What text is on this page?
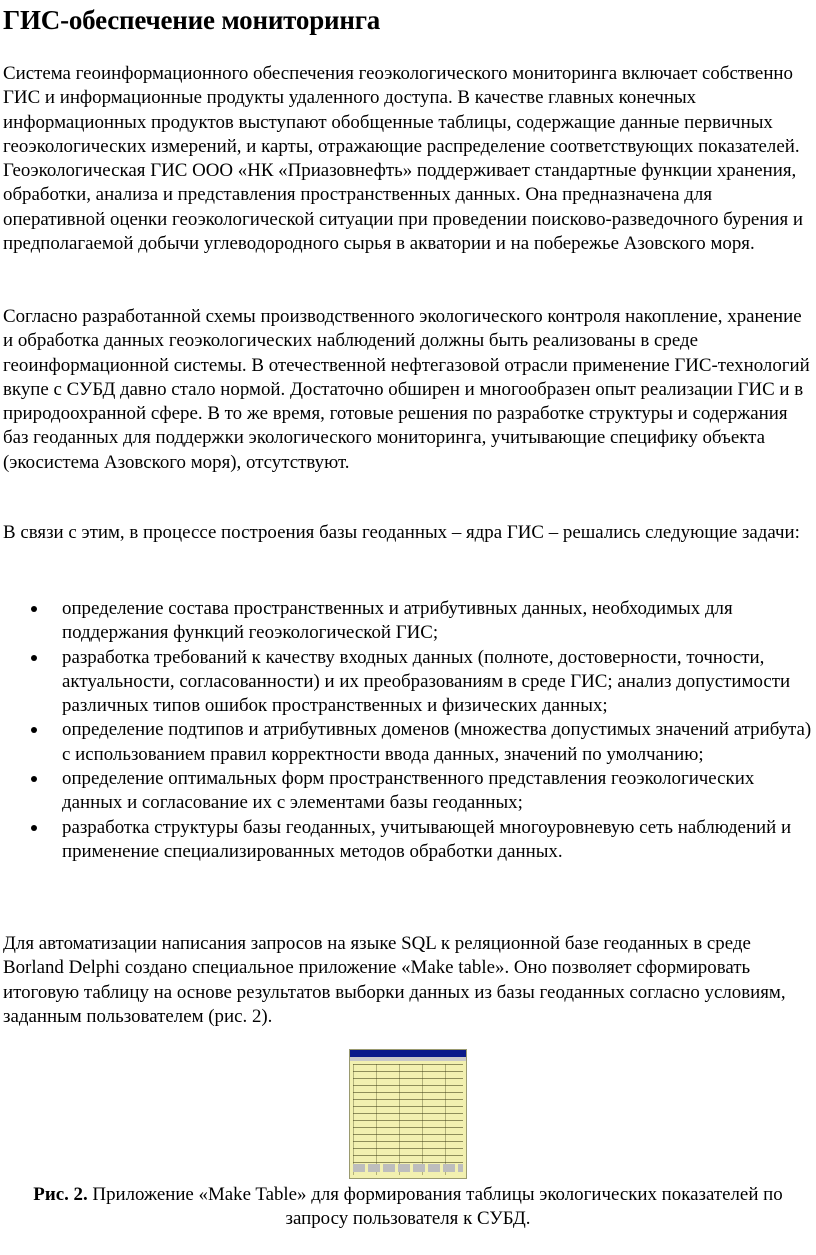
ГИС-обеспечение мониторинга

Система геоинформационного обеспечения геоэкологического мониторинга включает собственно ГИС и информационные продукты удаленного доступа. В качестве главных конечных информационных продуктов выступают обобщенные таблицы, содержащие данные первичных геоэкологических измерений, и карты, отражающие распределение соответствующих показателей. Геоэкологическая ГИС ООО «НК «Приазовнефть» поддерживает стандартные функции хранения, обработки, анализа и представления пространственных данных. Она предназначена для оперативной оценки геоэкологической ситуации при проведении поисково-разведочного бурения и предполагаемой добычи углеводородного сырья в акватории и на побережье Азовского моря.

Согласно разработанной схемы производственного экологического контроля накопление, хранение и обработка данных геоэкологических наблюдений должны быть реализованы в среде геоинформационной системы. В отечественной нефтегазовой отрасли применение ГИС-технологий вкупе с СУБД давно стало нормой. Достаточно обширен и многообразен опыт реализации ГИС и в природоохранной сфере. В то же время, готовые решения по разработке структуры и содержания баз геоданных для поддержки экологического мониторинга, учитывающие специфику объекта (экосистема Азовского моря), отсутствуют.

В связи с этим, в процессе построения базы геоданных – ядра ГИС – решались следующие задачи:

определение состава пространственных и атрибутивных данных, необходимых для поддержания функций геоэкологической ГИС;
разработка требований к качеству входных данных (полноте, достоверности, точности, актуальности, согласованности) и их преобразованиям в среде ГИС; анализ допустимости различных типов ошибок пространственных и физических данных;
определение подтипов и атрибутивных доменов (множества допустимых значений атрибута) с использованием правил корректности ввода данных, значений по умолчанию;
определение оптимальных форм пространственного представления геоэкологических данных и согласование их с элементами базы геоданных;
разработка структуры базы геоданных, учитывающей многоуровневую сеть наблюдений и применение специализированных методов обработки данных.

Для автоматизации написания запросов на языке SQL к реляционной базе геоданных в среде Borland Delphi создано специальное приложение «Make table». Оно позволяет сформировать итоговую таблицу на основе результатов выборки данных из базы геоданных согласно условиям, заданным пользователем (рис. 2).

Рис. 2. Приложение «Make Table» для формирования таблицы экологических показателей по запросу пользователя к СУБД.
